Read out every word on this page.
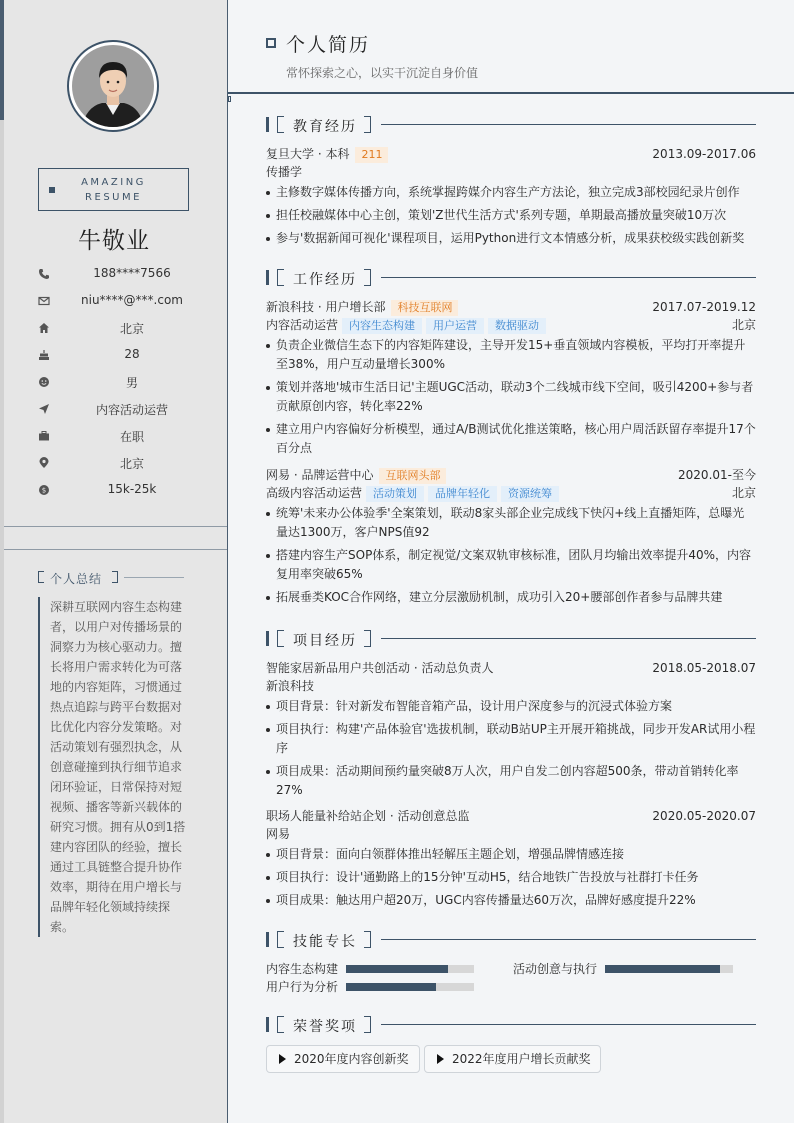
AMAZING
RESUME
牛敬业
188****7566
niu****@***.com
北京
28
男
内容活动运营
在职
北京
$	15k-25k
个人总结
深耕互联网内容生态构建者，以用户对传播场景的洞察力为核心驱动力。擅长将用户需求转化为可落地的内容矩阵，习惯通过热点追踪与跨平台数据对比优化内容分发策略。对活动策划有强烈执念，从创意碰撞到执行细节追求闭环验证，日常保持对短视频、播客等新兴载体的研究习惯。拥有从0到1搭建内容团队的经验，擅长通过工具链整合提升协作效率，期待在用户增长与品牌年轻化领域持续探索。
个人简历
常怀探索之心，以实干沉淀自身价值
教育经历
复旦大学 · 本科 211	2013.09-2017.06
传播学
主修数字媒体传播方向，系统掌握跨媒介内容生产方法论，独立完成3部校园纪录片创作
担任校融媒体中心主创，策划'Z世代生活方式'系列专题，单期最高播放量突破10万次
参与'数据新闻可视化'课程项目，运用Python进行文本情感分析，成果获校级实践创新奖
工作经历
新浪科技 · 用户增长部 科技互联网	2017.07-2019.12
内容活动运营 内容生态构建 用户运营 数据驱动	北京
负责企业微信生态下的内容矩阵建设，主导开发15+垂直领域内容模板，平均打开率提升至38%，用户互动量增长300%
策划并落地'城市生活日记'主题UGC活动，联动3个二线城市线下空间，吸引4200+参与者贡献原创内容，转化率22%
建立用户内容偏好分析模型，通过A/B测试优化推送策略，核心用户周活跃留存率提升17个百分点
网易 · 品牌运营中心 互联网头部	2020.01-至今
高级内容活动运营 活动策划 品牌年轻化 资源统筹	北京
统筹'未来办公体验季'全案策划，联动8家头部企业完成线下快闪+线上直播矩阵，总曝光量达1300万，客户NPS值92
搭建内容生产SOP体系，制定视觉/文案双轨审核标准，团队月均输出效率提升40%，内容复用率突破65%
拓展垂类KOC合作网络，建立分层激励机制，成功引入20+腰部创作者参与品牌共建
项目经历
智能家居新品用户共创活动 · 活动总负责人	2018.05-2018.07
新浪科技
项目背景：针对新发布智能音箱产品，设计用户深度参与的沉浸式体验方案
项目执行：构建'产品体验官'选拔机制，联动B站UP主开展开箱挑战，同步开发AR试用小程序
项目成果：活动期间预约量突破8万人次，用户自发二创内容超500条，带动首销转化率27%
职场人能量补给站企划 · 活动创意总监	2020.05-2020.07
网易
项目背景：面向白领群体推出轻解压主题企划，增强品牌情感连接
项目执行：设计'通勤路上的15分钟'互动H5，结合地铁广告投放与社群打卡任务
项目成果：触达用户超20万，UGC内容传播量达60万次，品牌好感度提升22%
技能专长
内容生态构建	活动创意与执行
用户行为分析
荣誉奖项
2020年度内容创新奖	2022年度用户增长贡献奖
